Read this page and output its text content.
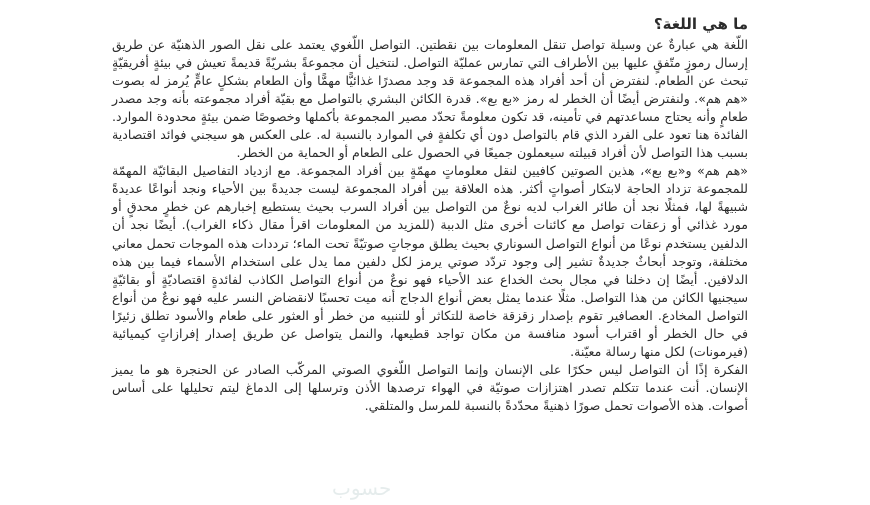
ما هي اللغة؟

اللّغة هي عبارةٌ عن وسيلة تواصل تنقل المعلومات بين نقطتين. التواصل اللّغوي يعتمد على نقل الصور الذهنيّة عن طريق إرسال رموزٍ متّفقٍ عليها بين الأطراف التي تمارس عمليّة التواصل. لنتخيل أن مجموعةً بشريّةً قديمةً تعيش في بيئةٍ أفريقيّةٍ تبحث عن الطعام. لنفترض أن أحد أفراد هذه المجموعة قد وجد مصدرًا غذائيًّا مهمًّا وأن الطعام بشكلٍ عامٍّ يُرمز له بصوت «هم هم». ولنفترض أيضًا أن الخطر له رمز «بع بع». قدرة الكائن البشري بالتواصل مع بقيّة أفراد مجموعته بأنه وجد مصدر طعامٍ وأنه يحتاج مساعدتهم في تأمينه، قد تكون معلومةً تحدّد مصير المجموعة بأكملها وخصوصًا ضمن بيئةٍ محدودة الموارد. الفائدة هنا تعود على الفرد الذي قام بالتواصل دون أي تكلفةٍ في الموارد بالنسبة له. على العكس هو سيجني فوائد اقتصادية بسبب هذا التواصل لأن أفراد قبيلته سيعملون جميعًا في الحصول على الطعام أو الحماية من الخطر.

«هم هم» و«بع بع»، هذين الصوتين كافيين لنقل معلوماتٍ مهمّةٍ بين أفراد المجموعة. مع ازدياد التفاصيل البقائيّة المهمّة للمجموعة تزداد الحاجة لابتكار أصواتٍ أكثر. هذه العلاقة بين أفراد المجموعة ليست جديدةً بين الأحياء ونجد أنواعًا عديدةً شبيهةً لها، فمثلًا نجد أن طائر الغراب لديه نوعٌ من التواصل بين أفراد السرب بحيث يستطيع إخبارهم عن خطرٍ محدقٍ أو مورد غذائي أو زعقات تواصل مع كائنات أخرى مثل الدببة (للمزيد من المعلومات اقرأ مقال ذكاء الغراب). أيضًا نجد أن الدلفين يستخدم نوعًا من أنواع التواصل السوناري بحيث يطلق موجاتٍ صوتيّةً تحت الماء؛ ترددات هذه الموجات تحمل معاني مختلفة، وتوجد أبحاثٌ جديدةٌ تشير إلى وجود تردّد صوتي يرمز لكل دلفين مما يدل على استخدام الأسماء فيما بين هذه الدلافين. أيضًا إن دخلنا في مجال بحث الخداع عند الأحياء فهو نوعٌ من أنواع التواصل الكاذب لفائدةٍ اقتصاديّةٍ أو بقائيّةٍ سيجنيها الكائن من هذا التواصل. مثلًا عندما يمثل بعض أنواع الدجاج أنه ميت تحسبًا لانقضاض النسر عليه فهو نوعٌ من أنواع التواصل المخادع. العصافير تقوم بإصدار زقزقة خاصة للتكاثر أو للتنبيه من خطر أو العثور على طعام والأسود تطلق زئيرًا في حال الخطر أو اقتراب أسود منافسة من مكان تواجد قطيعها، والنمل يتواصل عن طريق إصدار إفرازاتٍ كيميائية (فيرمونات) لكل منها رسالة معيّنة.

الفكرة إذًا أن التواصل ليس حكرًا على الإنسان وإنما التواصل اللّغوي الصوتي المركّب الصادر عن الحنجرة هو ما يميز الإنسان. أنت عندما تتكلم تصدر اهتزازات صوتيّة في الهواء ترصدها الأذن وترسلها إلى الدماغ ليتم تحليلها على أساس أصوات. هذه الأصوات تحمل صورًا ذهنيةً محدّدةً بالنسبة للمرسل والمتلقي.

حسوب
